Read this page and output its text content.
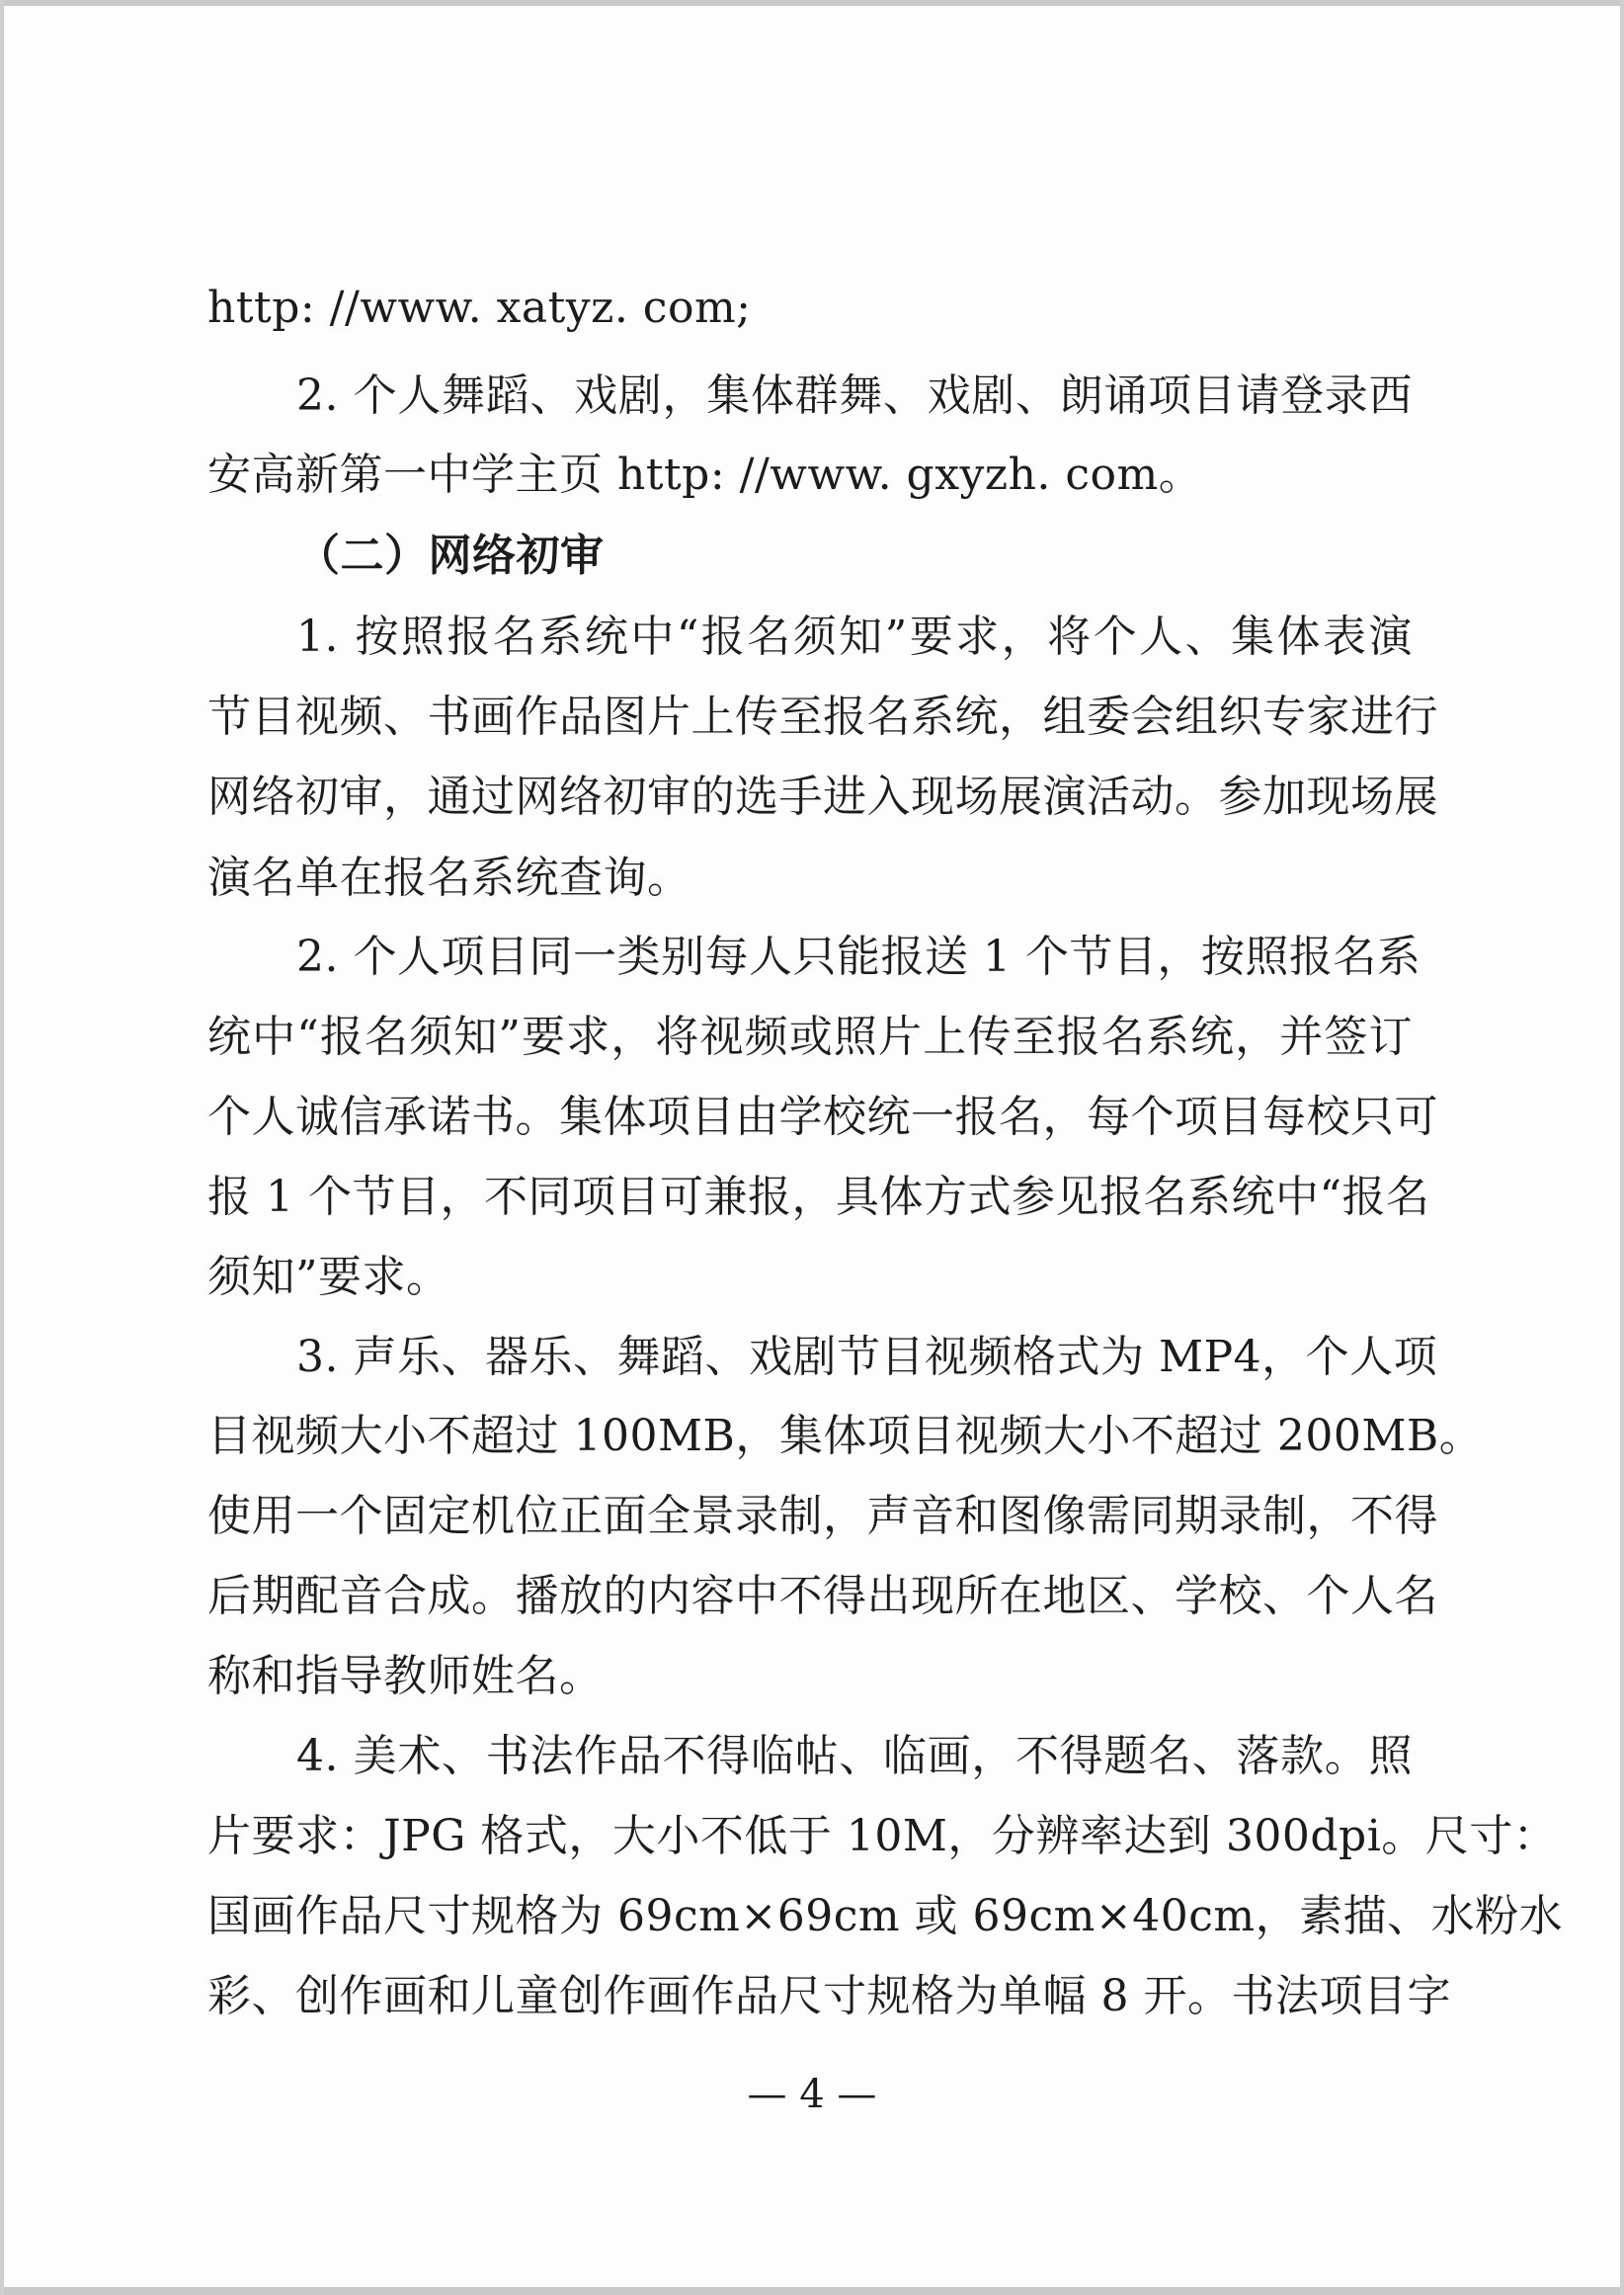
http: //www. xatyz. com;
2. 个人舞蹈、戏剧，集体群舞、戏剧、朗诵项目请登录西
安高新第一中学主页 http: //www. gxyzh. com。
（二）网络初审
1. 按照报名系统中“报名须知”要求，将个人、集体表演
节目视频、书画作品图片上传至报名系统，组委会组织专家进行
网络初审，通过网络初审的选手进入现场展演活动。参加现场展
演名单在报名系统查询。
2. 个人项目同一类别每人只能报送 1 个节目，按照报名系
统中“报名须知”要求，将视频或照片上传至报名系统，并签订
个人诚信承诺书。集体项目由学校统一报名，每个项目每校只可
报 1 个节目，不同项目可兼报，具体方式参见报名系统中“报名
须知”要求。
3. 声乐、器乐、舞蹈、戏剧节目视频格式为 MP4，个人项
目视频大小不超过 100MB，集体项目视频大小不超过 200MB。
使用一个固定机位正面全景录制，声音和图像需同期录制，不得
后期配音合成。播放的内容中不得出现所在地区、学校、个人名
称和指导教师姓名。
4. 美术、书法作品不得临帖、临画，不得题名、落款。照
片要求：JPG 格式，大小不低于 10M，分辨率达到 300dpi。尺寸：
国画作品尺寸规格为 69cm×69cm 或 69cm×40cm，素描、水粉水
彩、创作画和儿童创作画作品尺寸规格为单幅 8 开。书法项目字
— 4 —
